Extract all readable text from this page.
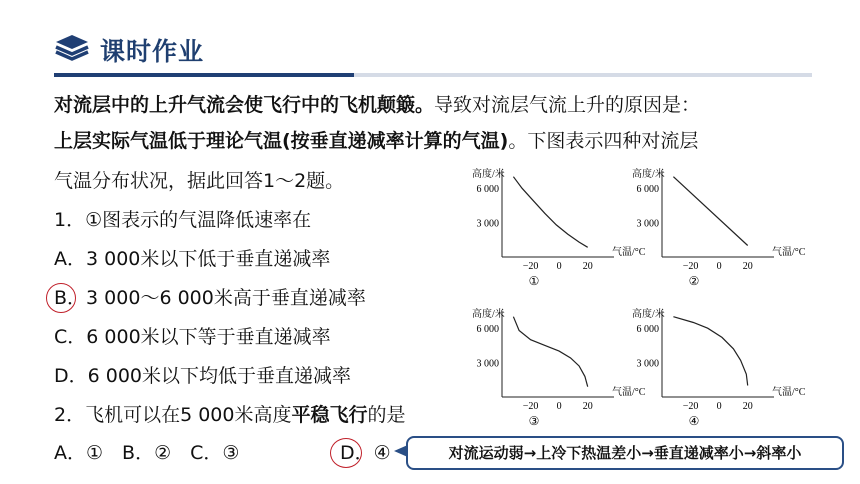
课时作业
对流层中的上升气流会使飞行中的飞机颠簸。导致对流层气流上升的原因是：
上层实际气温低于理论气温(按垂直递减率计算的气温)。下图表示四种对流层
气温分布状况，据此回答1～2题。
1．①图表示的气温降低速率在
A．3 000米以下低于垂直递减率
B．3 000～6 000米高于垂直递减率
C．6 000米以下等于垂直递减率
D．6 000米以下均低于垂直递减率
2．飞机可以在5 000米高度平稳飞行的是
A．①　B．②　C．③	D．④
高度/米
气温/°C
6 000
3 000
−20 0 20
①
高度/米
气温/°C
6 000
3 000
−20 0 20
②
高度/米
气温/°C
6 000
3 000
−20 0 20
③
高度/米
气温/°C
6 000
3 000
−20 0 20
④
对流运动弱→上冷下热温差小→垂直递减率小→斜率小
